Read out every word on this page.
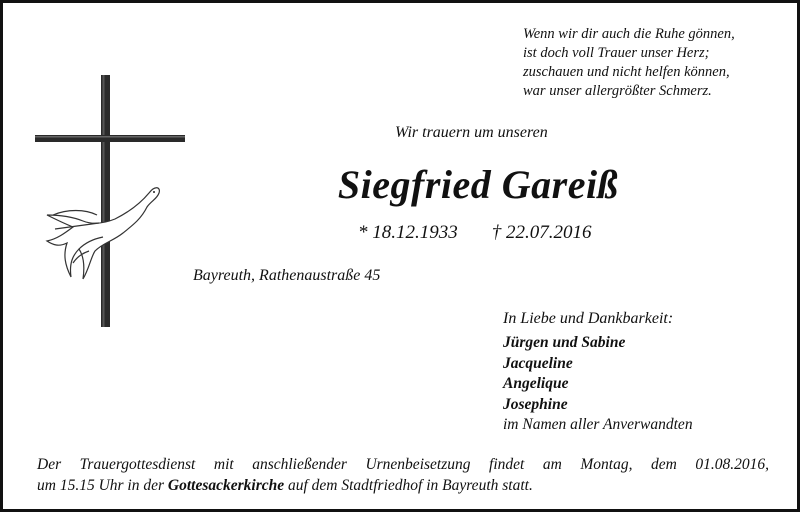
Wenn wir dir auch die Ruhe gönnen,
ist doch voll Trauer unser Herz;
zuschauen und nicht helfen können,
war unser allergrößter Schmerz.
Wir trauern um unseren
Siegfried Gareiß
* 18.12.1933 † 22.07.2016
Bayreuth, Rathenaustraße 45
In Liebe und Dankbarkeit:
Jürgen und Sabine
Jacqueline
Angelique
Josephine
im Namen aller Anverwandten
Der Trauergottesdienst mit anschließender Urnenbeisetzung findet am Montag, dem 01.08.2016,
um 15.15 Uhr in der Gottesackerkirche auf dem Stadtfriedhof in Bayreuth statt.
